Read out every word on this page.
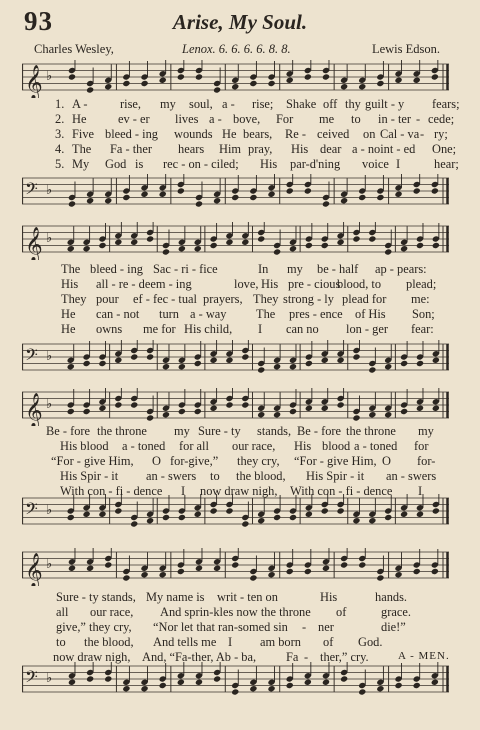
93	Arise, My Soul.
Charles Wesley,	Lenox. 6. 6. 6. 6. 8. 8.	Lewis Edson.
𝄞 ♭
1. A -	rise, my soul, a - rise; Shake off thy guilt - y fears;
2. He	ev - er lives a - bove, For me to in - ter - cede;
3. Five bleed - ing wounds He bears, Re - ceived on Cal - va - ry;
4. The Fa - ther hears Him pray, His dear a - noint - ed One;
5. My God is rec - on - ciled; His par-d'ning voice I	hear;
𝄢 ♭
𝄞 ♭
The bleed - ing Sac - ri - fice	In my be - half ap - pears:
His all - re - deem - ing	love, His pre - cious
blood, to plead;
They pour ef - fec - tual prayers, They strong - ly plead for me:
He can - not turn a - way The pres - ence of His Son;
He owns me for His child, I can no lon - ger fear:
𝄢 ♭
𝄞 ♭
Be - fore the throne my Sure - ty stands, Be - fore the throne my
His blood a - toned for all our race, His blood a - toned for
“For - give Him, O for-give,” they cry, “For - give Him, O for-
His Spir - it an - swers to the blood, His Spir - it an - swers
With con - fi - dence I now draw nigh, With con - fi - dence I
𝄢 ♭
𝄞 ♭
Sure - ty stands, My name is writ - ten on	His	hands.
all our race, And sprin-kles now the throne of	grace.
give,” they cry, “Nor let that ran-somed sin - ner	die!”
to the blood, And tells me I am born of God.
now draw nigh, And, “Fa-ther, Ab - ba, Fa - ther,” cry.	A - MEN.
𝄢 ♭
